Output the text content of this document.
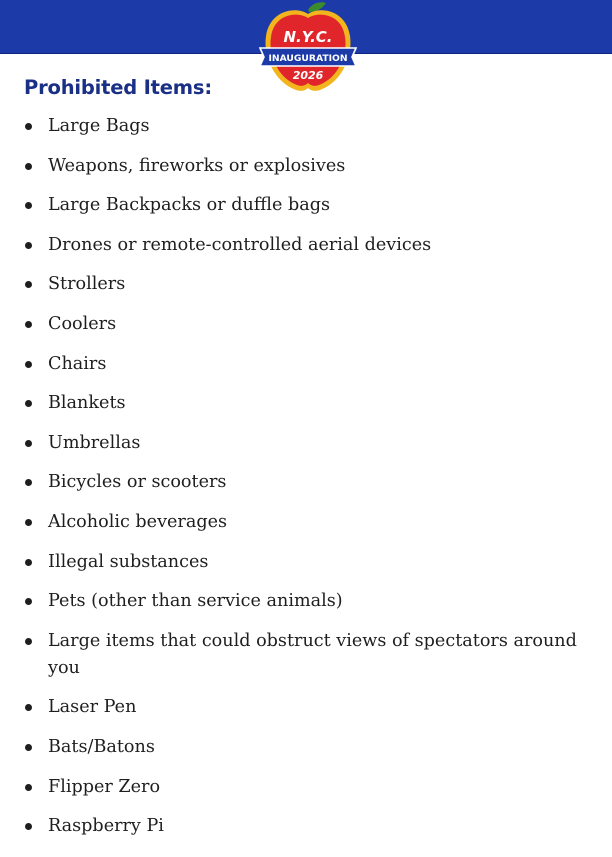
N.Y.C.
INAUGURATION
2026
Prohibited Items:
Large Bags
Weapons, fireworks or explosives
Large Backpacks or duffle bags
Drones or remote-controlled aerial devices
Strollers
Coolers
Chairs
Blankets
Umbrellas
Bicycles or scooters
Alcoholic beverages
Illegal substances
Pets (other than service animals)
Large items that could obstruct views of spectators around you
Laser Pen
Bats/Batons
Flipper Zero
Raspberry Pi
